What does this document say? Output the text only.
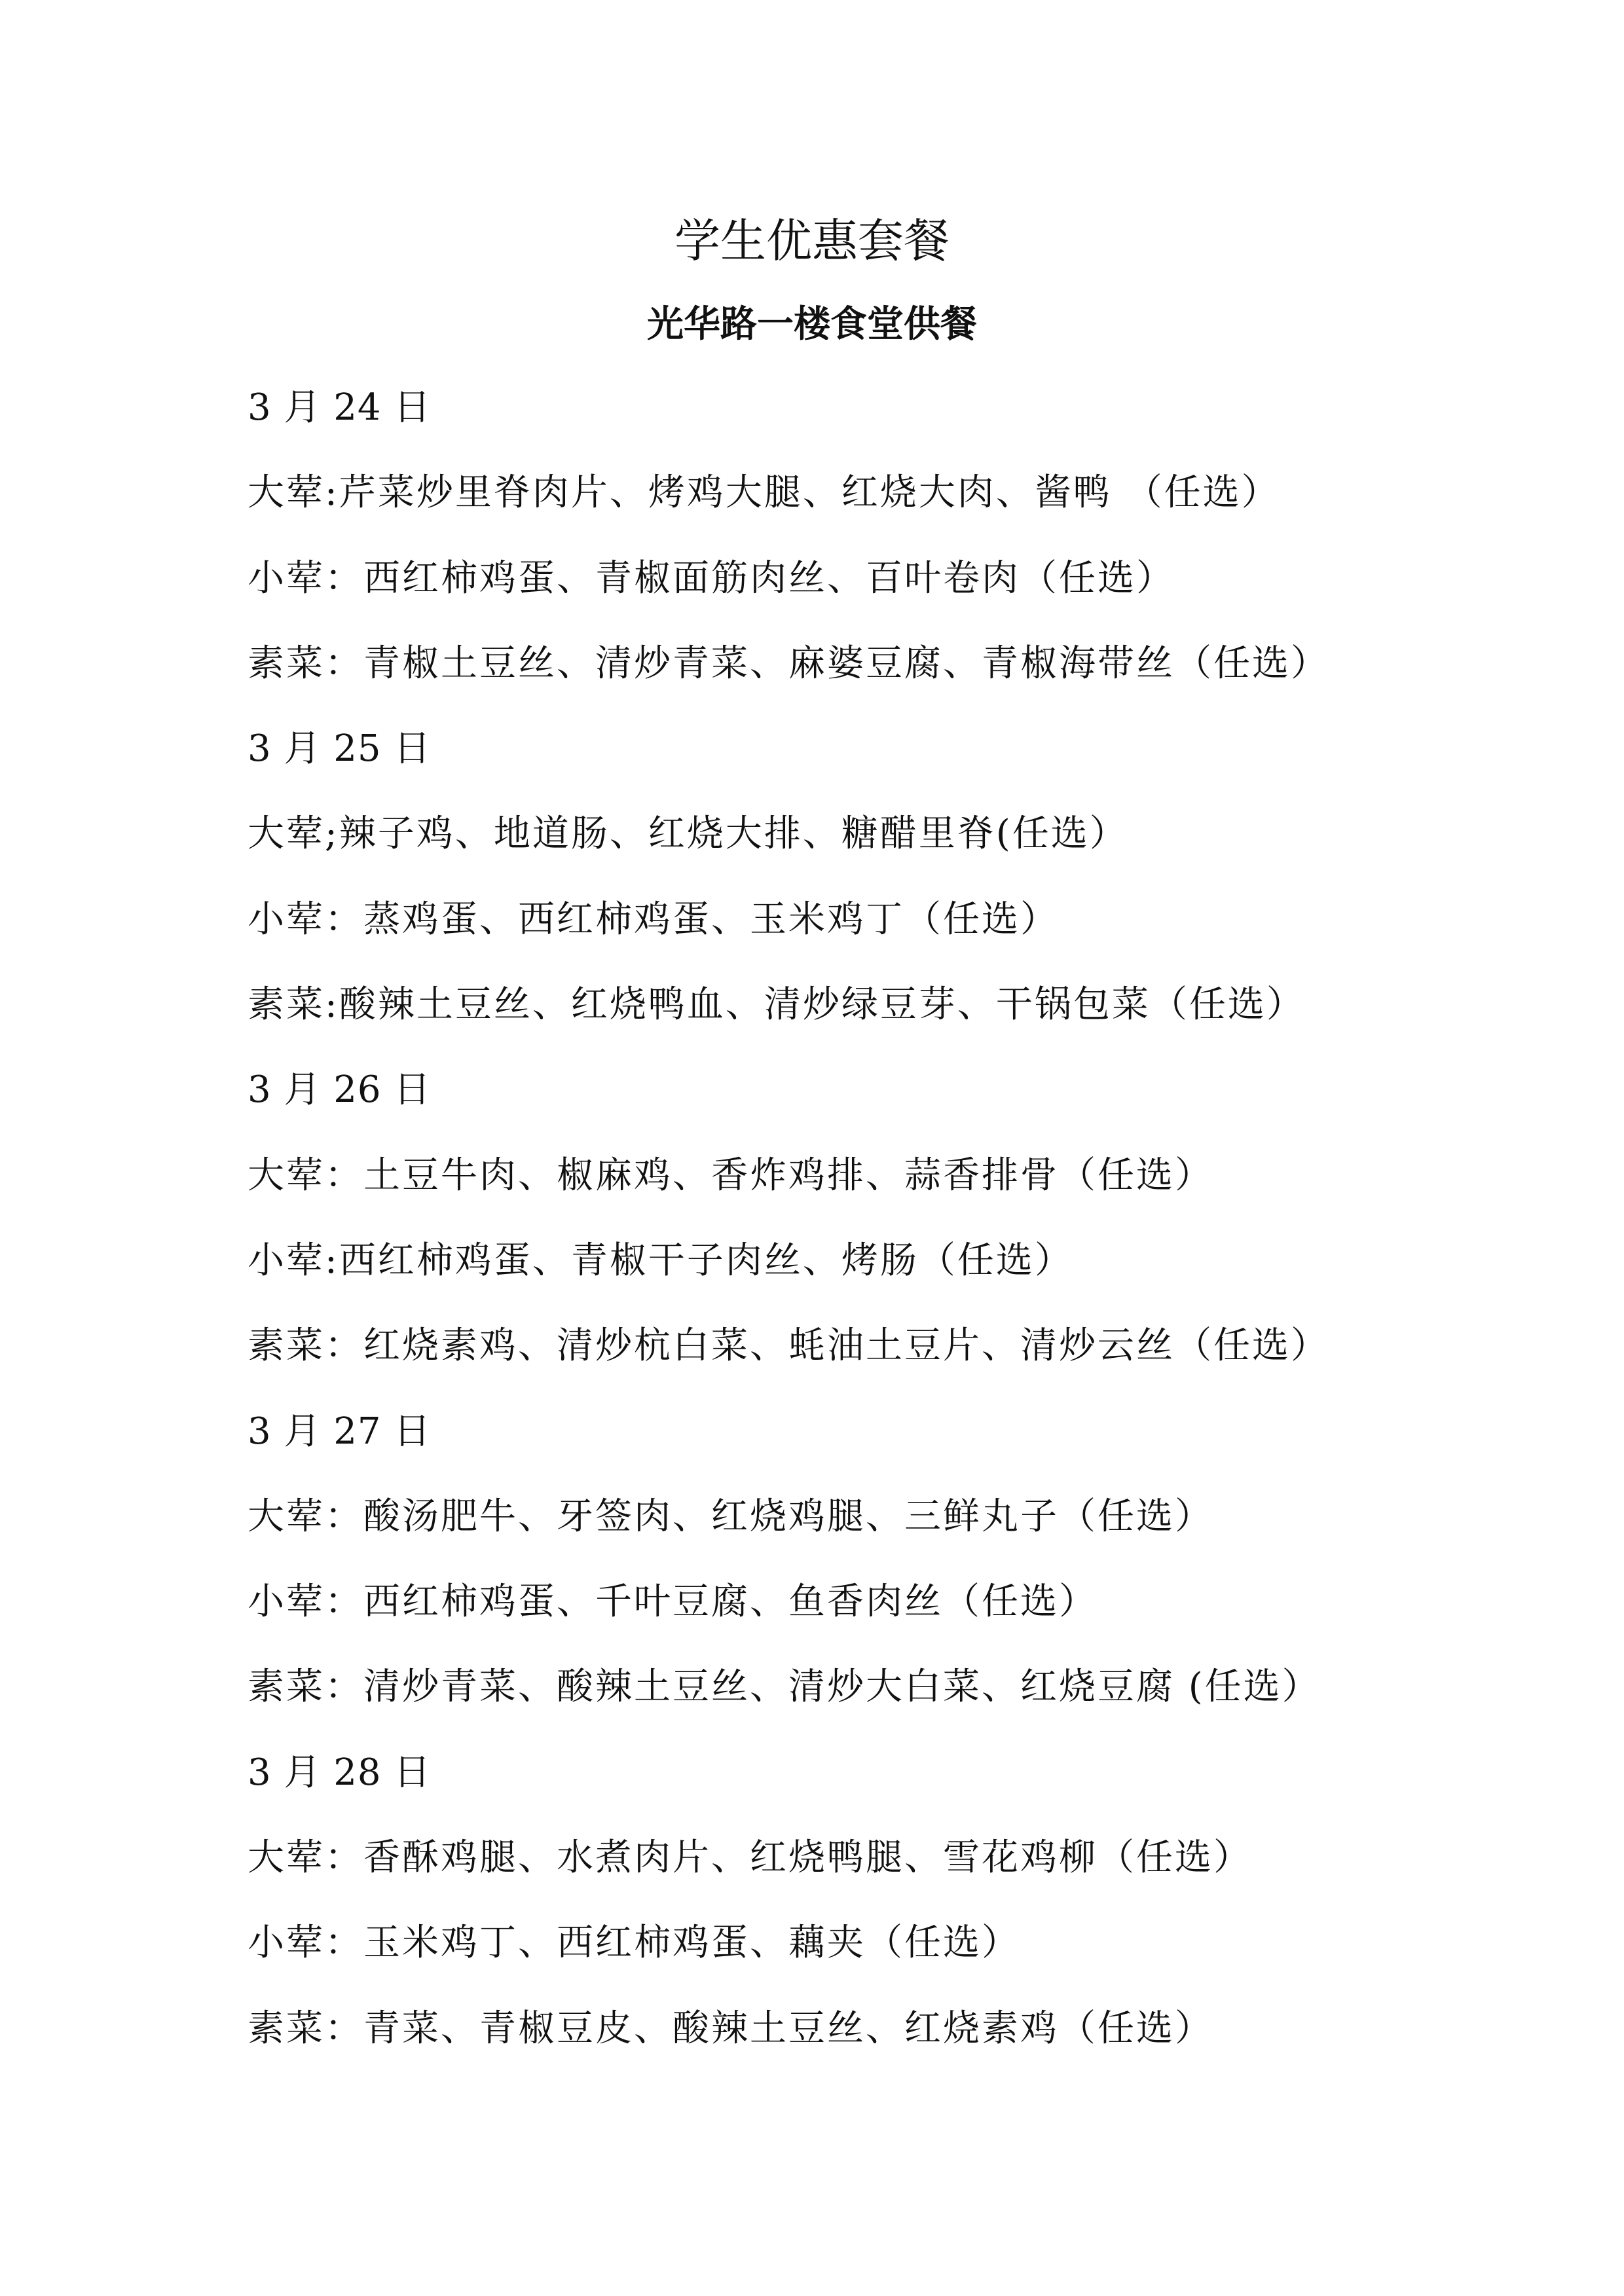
学生优惠套餐
光华路一楼食堂供餐
3 月 24 日
大荤:芹菜炒里脊肉片、烤鸡大腿、红烧大肉、酱鸭 （任选）
小荤：西红柿鸡蛋、青椒面筋肉丝、百叶卷肉（任选）
素菜：青椒土豆丝、清炒青菜、麻婆豆腐、青椒海带丝（任选）
3 月 25 日
大荤;辣子鸡、地道肠、红烧大排、糖醋里脊(任选）
小荤：蒸鸡蛋、西红柿鸡蛋、玉米鸡丁（任选）
素菜:酸辣土豆丝、红烧鸭血、清炒绿豆芽、干锅包菜（任选）
3 月 26 日
大荤：土豆牛肉、椒麻鸡、香炸鸡排、蒜香排骨（任选）
小荤:西红柿鸡蛋、青椒干子肉丝、烤肠（任选）
素菜：红烧素鸡、清炒杭白菜、蚝油土豆片、清炒云丝（任选）
3 月 27 日
大荤：酸汤肥牛、牙签肉、红烧鸡腿、三鲜丸子（任选）
小荤：西红柿鸡蛋、千叶豆腐、鱼香肉丝（任选）
素菜：清炒青菜、酸辣土豆丝、清炒大白菜、红烧豆腐 (任选）
3 月 28 日
大荤：香酥鸡腿、水煮肉片、红烧鸭腿、雪花鸡柳（任选）
小荤：玉米鸡丁、西红柿鸡蛋、藕夹（任选）
素菜：青菜、青椒豆皮、酸辣土豆丝、红烧素鸡（任选）
